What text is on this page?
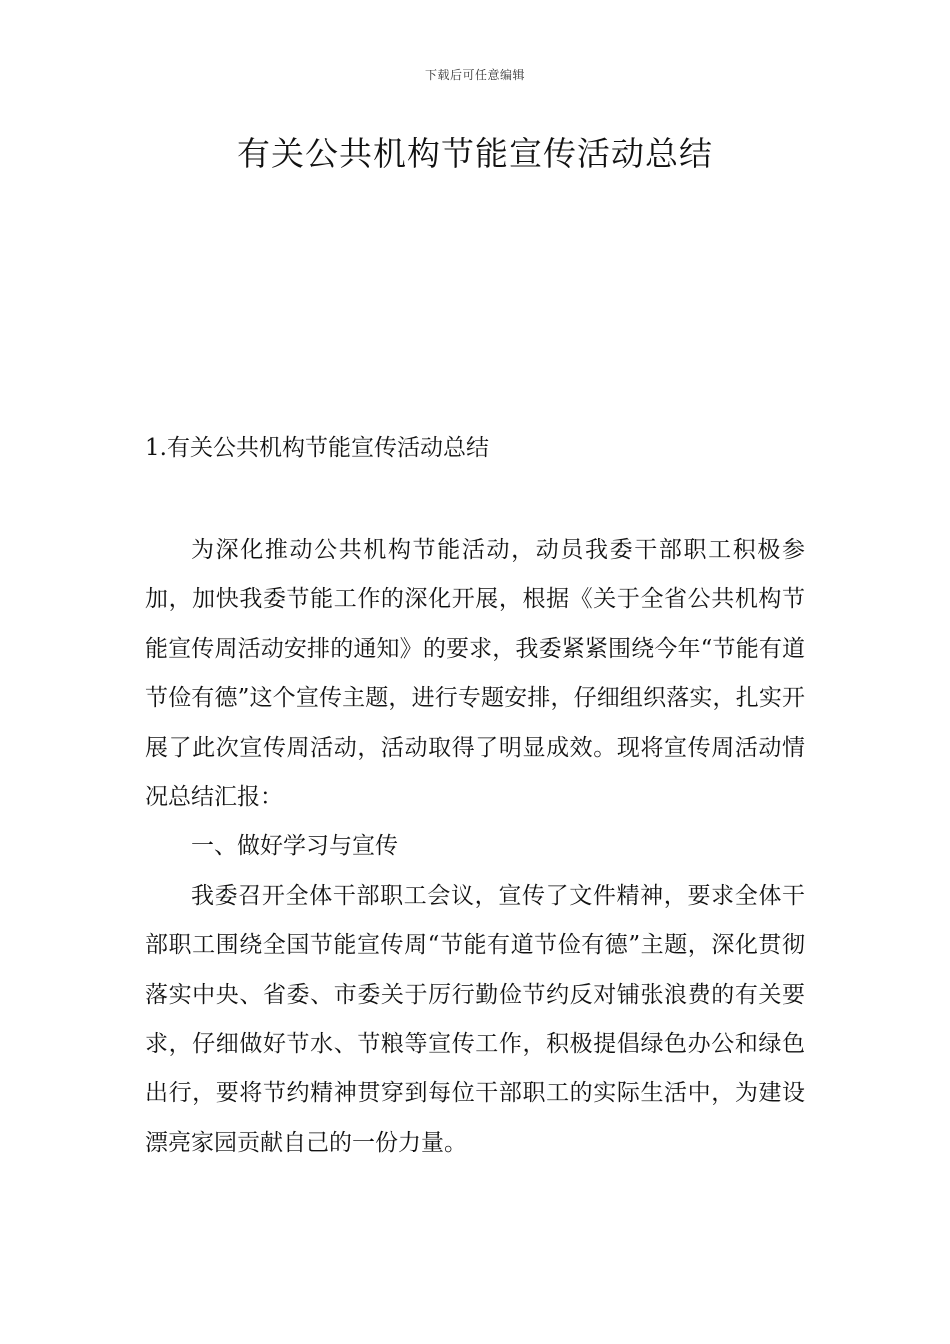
下载后可任意编辑
有关公共机构节能宣传活动总结
1.有关公共机构节能宣传活动总结

为深化推动公共机构节能活动，动员我委干部职工积极参加，加快我委节能工作的深化开展，根据《关于全省公共机构节能宣传周活动安排的通知》的要求，我委紧紧围绕今年“节能有道节俭有德”这个宣传主题，进行专题安排，仔细组织落实，扎实开展了此次宣传周活动，活动取得了明显成效。现将宣传周活动情况总结汇报：

一、做好学习与宣传

我委召开全体干部职工会议，宣传了文件精神，要求全体干部职工围绕全国节能宣传周“节能有道节俭有德”主题，深化贯彻落实中央、省委、市委关于厉行勤俭节约反对铺张浪费的有关要求，仔细做好节水、节粮等宣传工作，积极提倡绿色办公和绿色出行，要将节约精神贯穿到每位干部职工的实际生活中，为建设漂亮家园贡献自己的一份力量。
